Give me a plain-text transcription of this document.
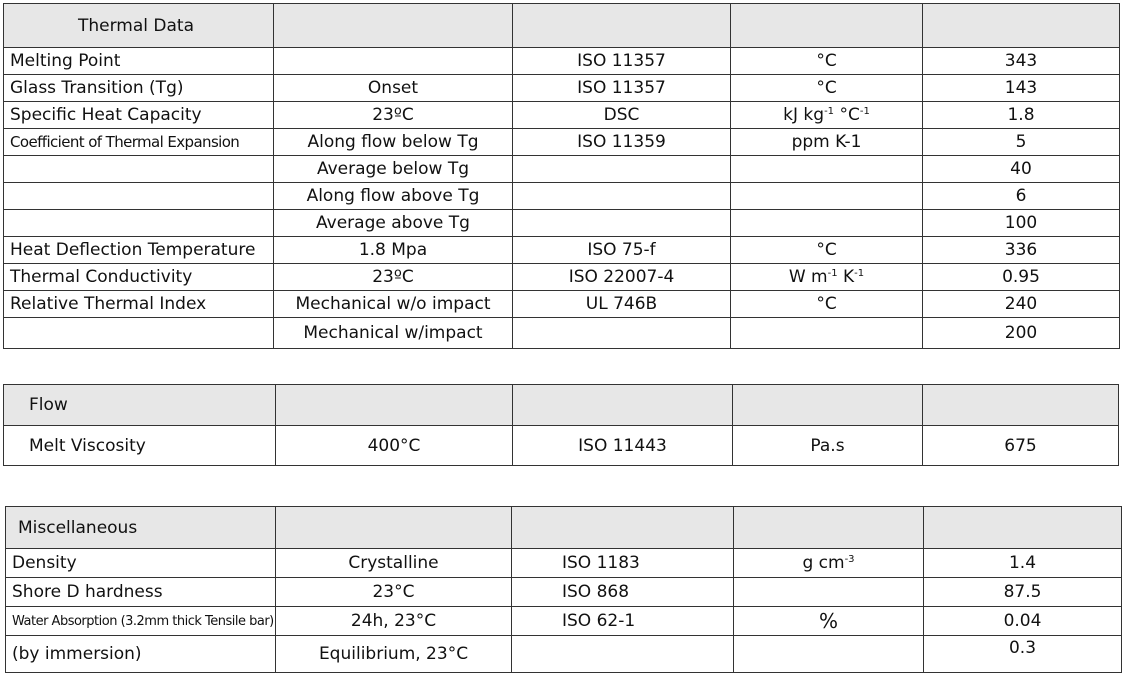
Thermal Data				
Melting Point		ISO 11357	°C	343
Glass Transition (Tg)	Onset	ISO 11357	°C	143
Specific Heat Capacity	23ºC	DSC	kJ $kg^{-1}$ $^\circ C^{-1}$	1.8
Coefficient of Thermal Expansion	Along flow below Tg	ISO 11359	ppm K-1	5
	Average below Tg			40
	Along flow above Tg			6
	Average above Tg			100
Heat Deflection Temperature	1.8 Mpa	ISO 75-f	°C	336
Thermal Conductivity	23ºC	ISO 22007-4	W $m^{-1}$ $K^{-1}$	0.95
Relative Thermal Index	Mechanical w/o impact	UL 746B	°C	240
	Mechanical w/impact			200
Flow				
Melt Viscosity	400°C	ISO 11443	Pa.s	675
Miscellaneous				
Density	Crystalline	ISO 1183	g $cm^{-3}$	1.4
Shore D hardness	23°C	ISO 868		87.5
Water Absorption (3.2mm thick Tensile bar)	24h, 23°C	ISO 62-1	%	0.04
(by immersion)	Equilibrium, 23°C			0.3
